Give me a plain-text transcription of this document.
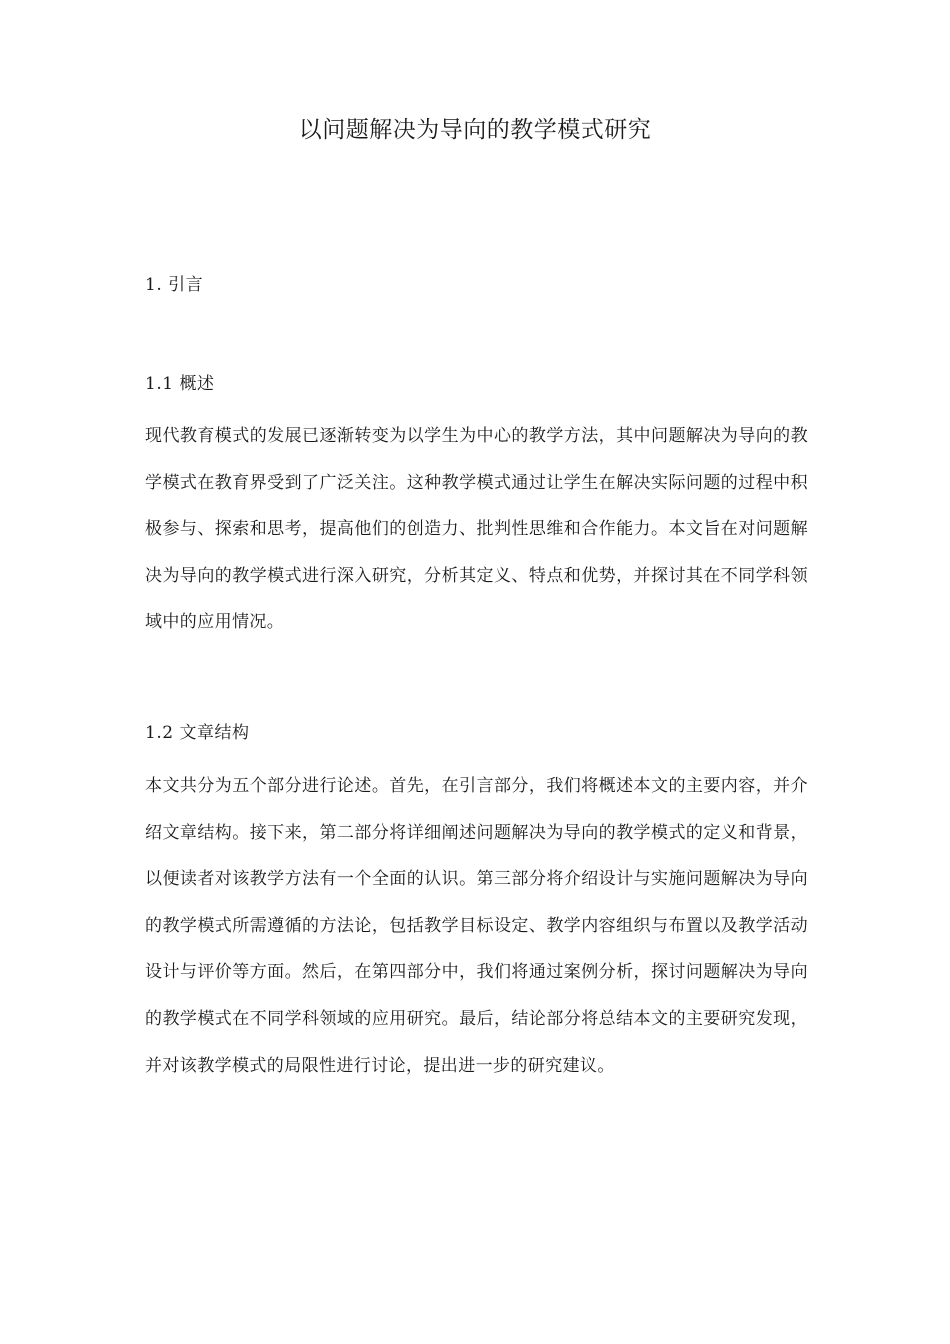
以问题解决为导向的教学模式研究
1. 引言
1.1 概述

现代教育模式的发展已逐渐转变为以学生为中心的教学方法，其中问题解决为导向的教学模式在教育界受到了广泛关注。这种教学模式通过让学生在解决实际问题的过程中积极参与、探索和思考，提高他们的创造力、批判性思维和合作能力。本文旨在对问题解决为导向的教学模式进行深入研究，分析其定义、特点和优势，并探讨其在不同学科领域中的应用情况。

1.2 文章结构

本文共分为五个部分进行论述。首先，在引言部分，我们将概述本文的主要内容，并介绍文章结构。接下来，第二部分将详细阐述问题解决为导向的教学模式的定义和背景，以便读者对该教学方法有一个全面的认识。第三部分将介绍设计与实施问题解决为导向的教学模式所需遵循的方法论，包括教学目标设定、教学内容组织与布置以及教学活动设计与评价等方面。然后，在第四部分中，我们将通过案例分析，探讨问题解决为导向的教学模式在不同学科领域的应用研究。最后，结论部分将总结本文的主要研究发现，并对该教学模式的局限性进行讨论，提出进一步的研究建议。
